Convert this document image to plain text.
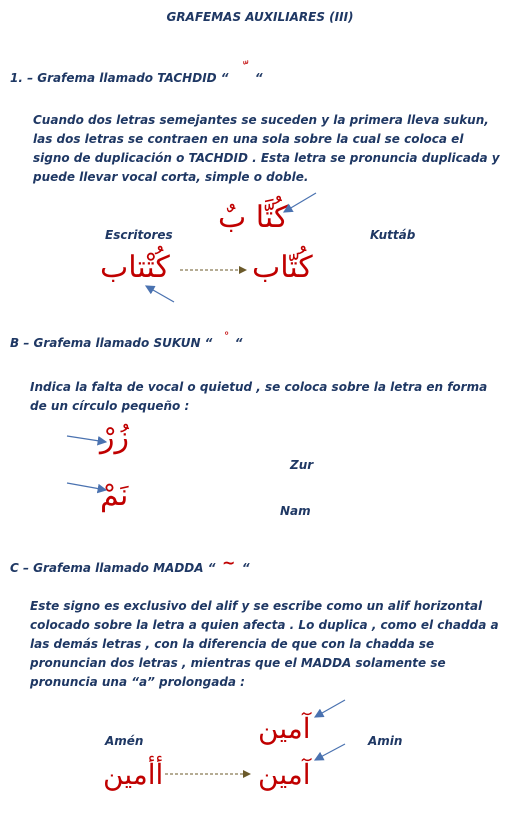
GRAFEMAS AUXILIARES (III)
1. – Grafema llamado TACHDID “ “
Cuando dos letras semejantes se suceden y la primera lleva sukun, las dos letras se contraen en una sola sobre la cual se coloca el signo de duplicación o TACHDID . Esta letra se pronuncia duplicada y puede llevar vocal corta, simple o doble.
Escritores	Kuttáb
كُتَّا بٌ
كُتّاب
كُتْتاب
B – Grafema llamado SUKUN “ “
Indica la falta de vocal o quietud , se coloca sobre la letra en forma de un círculo pequeño :
زُرْ
Zur
نَمْ	Nam
C – Grafema llamado MADDA “ ~ “
Este signo es exclusivo del alif y se escribe como un alif horizontal colocado sobre la letra a quien afecta . Lo duplica , como el chadda a las demás letras , con la diferencia de que con la chadda se pronuncian dos letras , mientras que el MADDA solamente se pronuncia una “a” prolongada :
Amén	Amin
آمين
آمين
أأمين
